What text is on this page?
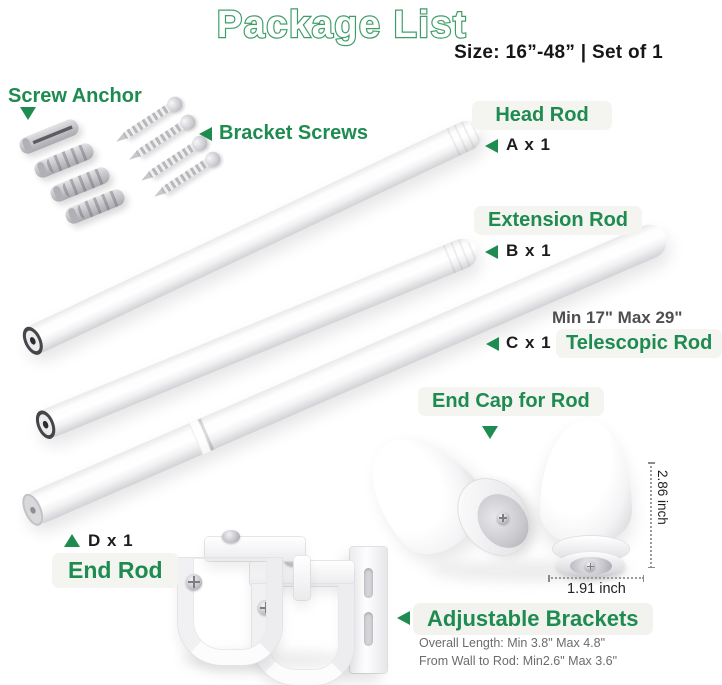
Package List
Size: 16”-48” | Set of 1
2.86 inch
1.91 inch
Screw Anchor
Bracket Screws
Head Rod
A x 1
Extension Rod
B x 1
Min 17" Max 29"
C x 1 Telescopic Rod
End Cap for Rod
D x 1
End Rod
Adjustable Brackets
Overall Length: Min 3.8" Max 4.8"
From Wall to Rod: Min2.6" Max 3.6"
